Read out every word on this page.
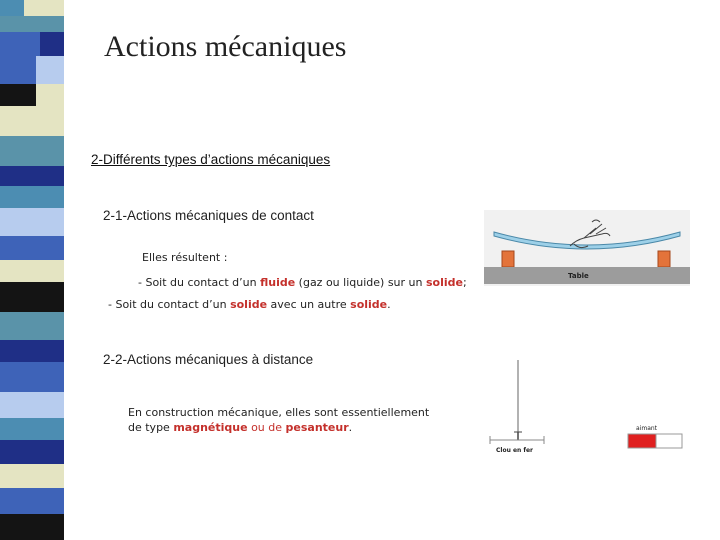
Actions mécaniques
2-Différents types d’actions mécaniques
2-1-Actions mécaniques de contact
Elles résultent :
- Soit du contact d’un fluide (gaz ou liquide) sur un solide;
- Soit du contact d’un solide avec un autre solide.
2-2-Actions mécaniques à distance
En construction mécanique, elles sont essentiellement
de type magnétique ou de pesanteur.
Table
Clou en fer
aimant
